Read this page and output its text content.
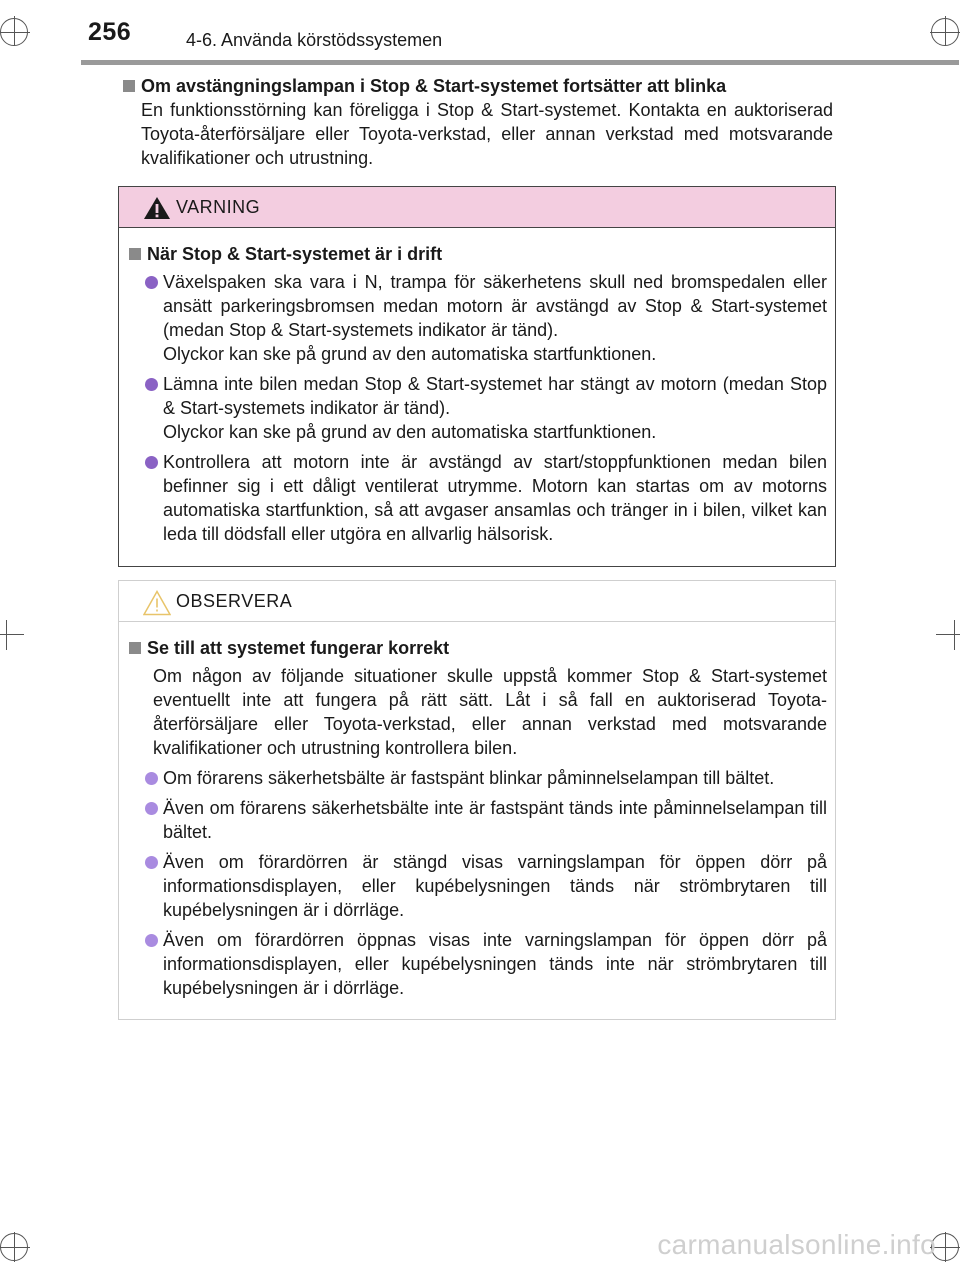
256	4-6. Använda körstödssystemen
Om avstängningslampan i Stop & Start-systemet fortsätter att blinka
En funktionsstörning kan föreligga i Stop & Start-systemet. Kontakta en auktoriserad Toyota-återförsäljare eller Toyota-verkstad, eller annan verkstad med motsvarande kvalifikationer och utrustning.
VARNING
När Stop & Start-systemet är i drift
Växelspaken ska vara i N, trampa för säkerhetens skull ned bromspedalen eller ansätt parkeringsbromsen medan motorn är avstängd av Stop & Start-systemet (medan Stop & Start-systemets indikator är tänd).
Olyckor kan ske på grund av den automatiska startfunktionen.
Lämna inte bilen medan Stop & Start-systemet har stängt av motorn (medan Stop & Start-systemets indikator är tänd).
Olyckor kan ske på grund av den automatiska startfunktionen.
Kontrollera att motorn inte är avstängd av start/stoppfunktionen medan bilen befinner sig i ett dåligt ventilerat utrymme. Motorn kan startas om av motorns automatiska startfunktion, så att avgaser ansamlas och tränger in i bilen, vilket kan leda till dödsfall eller utgöra en allvarlig hälsorisk.
OBSERVERA
Se till att systemet fungerar korrekt
Om någon av följande situationer skulle uppstå kommer Stop & Start-systemet eventuellt inte att fungera på rätt sätt. Låt i så fall en auktoriserad Toyota-återförsäljare eller Toyota-verkstad, eller annan verkstad med motsvarande kvalifikationer och utrustning kontrollera bilen.
Om förarens säkerhetsbälte är fastspänt blinkar påminnelselampan till bältet.
Även om förarens säkerhetsbälte inte är fastspänt tänds inte påminnelselampan till bältet.
Även om förardörren är stängd visas varningslampan för öppen dörr på informationsdisplayen, eller kupébelysningen tänds när strömbrytaren till kupébelysningen är i dörrläge.
Även om förardörren öppnas visas inte varningslampan för öppen dörr på informationsdisplayen, eller kupébelysningen tänds inte när strömbrytaren till kupébelysningen är i dörrläge.
carmanualsonline.info
